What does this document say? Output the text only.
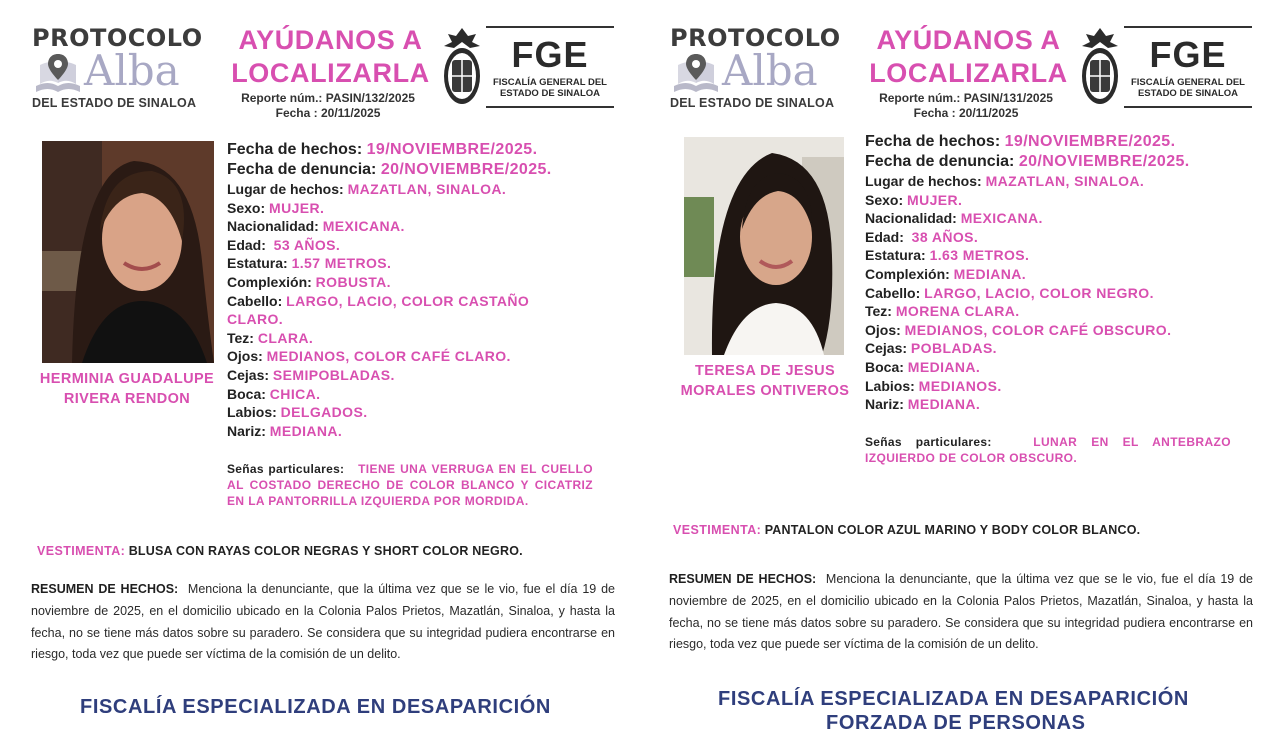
PROTOCOLO
Alba
DEL ESTADO DE SINALOA
AYÚDANOS A
LOCALIZARLA
Reporte núm.: PASIN/132/2025
Fecha : 20/11/2025
FGE
FISCALÍA GENERAL DEL
ESTADO DE SINALOA
HERMINIA GUADALUPE
RIVERA RENDON
Fecha de hechos: 19/NOVIEMBRE/2025.
Fecha de denuncia: 20/NOVIEMBRE/2025.
Lugar de hechos: MAZATLAN, SINALOA.
Sexo: MUJER.
Nacionalidad: MEXICANA.
Edad: 53 AÑOS.
Estatura: 1.57 METROS.
Complexión: ROBUSTA.
Cabello: LARGO, LACIO, COLOR CASTAÑO CLARO.
Tez: CLARA.
Ojos: MEDIANOS, COLOR CAFÉ CLARO.
Cejas: SEMIPOBLADAS.
Boca: CHICA.
Labios: DELGADOS.
Nariz: MEDIANA.
Señas particulares: TIENE UNA VERRUGA EN EL CUELLO AL COSTADO DERECHO DE COLOR BLANCO Y CICATRIZ EN LA PANTORRILLA IZQUIERDA POR MORDIDA.
VESTIMENTA: BLUSA CON RAYAS COLOR NEGRAS Y SHORT COLOR NEGRO.
RESUMEN DE HECHOS: Menciona la denunciante, que la última vez que se le vio, fue el día 19 de noviembre de 2025, en el domicilio ubicado en la Colonia Palos Prietos, Mazatlán, Sinaloa, y hasta la fecha, no se tiene más datos sobre su paradero. Se considera que su integridad pudiera encontrarse en riesgo, toda vez que puede ser víctima de la comisión de un delito.
FISCALÍA ESPECIALIZADA EN DESAPARICIÓN
PROTOCOLO
Alba
DEL ESTADO DE SINALOA
AYÚDANOS A
LOCALIZARLA
Reporte núm.: PASIN/131/2025
Fecha : 20/11/2025
FGE
FISCALÍA GENERAL DEL
ESTADO DE SINALOA
TERESA DE JESUS
MORALES ONTIVEROS
Fecha de hechos: 19/NOVIEMBRE/2025.
Fecha de denuncia: 20/NOVIEMBRE/2025.
Lugar de hechos: MAZATLAN, SINALOA.
Sexo: MUJER.
Nacionalidad: MEXICANA.
Edad: 38 AÑOS.
Estatura: 1.63 METROS.
Complexión: MEDIANA.
Cabello: LARGO, LACIO, COLOR NEGRO.
Tez: MORENA CLARA.
Ojos: MEDIANOS, COLOR CAFÉ OBSCURO.
Cejas: POBLADAS.
Boca: MEDIANA.
Labios: MEDIANOS.
Nariz: MEDIANA.
Señas particulares:	LUNAR EN EL ANTEBRAZO IZQUIERDO DE COLOR OBSCURO.
VESTIMENTA: PANTALON COLOR AZUL MARINO Y BODY COLOR BLANCO.
RESUMEN DE HECHOS: Menciona la denunciante, que la última vez que se le vio, fue el día 19 de noviembre de 2025, en el domicilio ubicado en la Colonia Palos Prietos, Mazatlán, Sinaloa, y hasta la fecha, no se tiene más datos sobre su paradero. Se considera que su integridad pudiera encontrarse en riesgo, toda vez que puede ser víctima de la comisión de un delito.
FISCALÍA ESPECIALIZADA EN DESAPARICIÓN
FORZADA DE PERSONAS
